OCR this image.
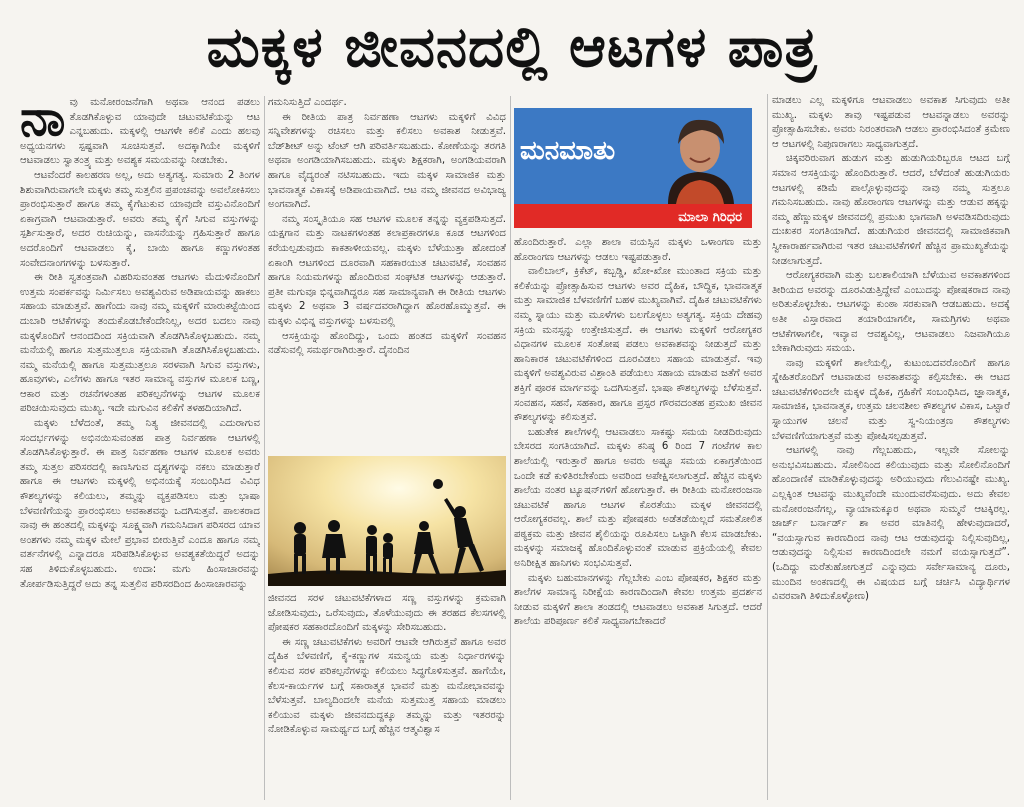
ಮಕ್ಕಳ ಜೀವನದಲ್ಲಿ ಆಟಗಳ ಪಾತ್ರ
ನಾ ವು ಮನೋರಂಜನೆಗಾಗಿ ಅಥವಾ ಆನಂದ ಪಡಲು ತೊಡಗಿಕೊಳ್ಳುವ ಯಾವುದೇ ಚಟುವಟಿಕೆಯನ್ನು ಆಟ ಎನ್ನಬಹುದು. ಮಕ್ಕಳಲ್ಲಿ ಆಟಗಳೇ ಕಲಿಕೆ ಎಂದು ಹಲವು ಅಧ್ಯಯನಗಳು ಸ್ಪಷ್ಟವಾಗಿ ಸೂಚಿಸುತ್ತವೆ. ಅದಕ್ಕಾಗಿಯೇ ಮಕ್ಕಳಿಗೆ ಆಟವಾಡಲು ಸ್ವಾತಂತ್ರ್ಯ ಮತ್ತು ಅವಶ್ಯಕ ಸಮಯವನ್ನು ನೀಡಬೇಕು.

ಆಟವೆಂದರೆ ಕಾಲಹರಣ ಅಲ್ಲ, ಅದು ಅತ್ಯಗತ್ಯ. ಸುಮಾರು 2 ತಿಂಗಳ ಶಿಶುವಾಗಿರುವಾಗಲೇ ಮಕ್ಕಳು ತಮ್ಮ ಸುತ್ತಲಿನ ಪ್ರಪಂಚವನ್ನು ಅವಲೋಕಿಸಲು ಪ್ರಾರಂಭಿಸುತ್ತಾರೆ ಹಾಗೂ ತಮ್ಮ ಕೈಗೆಟುಕುವ ಯಾವುದೇ ವಸ್ತುವಿನೊಂದಿಗೆ ಏಕಾಗ್ರವಾಗಿ ಆಟವಾಡುತ್ತಾರೆ. ಅವರು ತಮ್ಮ ಕೈಗೆ ಸಿಗುವ ವಸ್ತುಗಳನ್ನು ಸ್ಪರ್ಶಿಸುತ್ತಾರೆ, ಅದರ ರುಚಿಯನ್ನು, ವಾಸನೆಯನ್ನು ಗ್ರಹಿಸುತ್ತಾರೆ ಹಾಗೂ ಅದರೊಂದಿಗೆ ಆಟವಾಡಲು ಕೈ, ಬಾಯಿ ಹಾಗೂ ಕಣ್ಣುಗಳಂತಹ ಸಂವೇದನಾಂಗಗಳನ್ನು ಬಳಸುತ್ತಾರೆ.

ಈ ರೀತಿ ಸ್ವತಂತ್ರವಾಗಿ ವಿಹರಿಸುವಂತಹ ಆಟಗಳು ಮೆದುಳಿನೊಂದಿಗೆ ಉತ್ತಮ ಸಂಪರ್ಕವನ್ನು ನಿರ್ಮಿಸಲು ಅವಶ್ಯವಿರುವ ಅಡಿಪಾಯವನ್ನು ಹಾಕಲು ಸಹಾಯ ಮಾಡುತ್ತವೆ. ಹಾಗೆಂದು ನಾವು ನಮ್ಮ ಮಕ್ಕಳಿಗೆ ಮಾರುಕಟ್ಟೆಯಿಂದ ದುಬಾರಿ ಆಟಿಕೆಗಳನ್ನು ತಂದುಕೊಡಬೇಕೆಂದೇನಿಲ್ಲ, ಅದರ ಬದಲು ನಾವು ಮಕ್ಕಳೊಂದಿಗೆ ಆನಂದದಿಂದ ಸಕ್ರಿಯವಾಗಿ ತೊಡಗಿಸಿಕೊಳ್ಳಬಹುದು. ನಮ್ಮ ಮನೆಯಲ್ಲಿ ಹಾಗೂ ಸುತ್ತಮುತ್ತಲೂ ಸಕ್ರಿಯವಾಗಿ ತೊಡಗಿಸಿಕೊಳ್ಳಬಹುದು. ನಮ್ಮ ಮನೆಯಲ್ಲಿ ಹಾಗೂ ಸುತ್ತಮುತ್ತಲೂ ಸರಳವಾಗಿ ಸಿಗುವ ವಸ್ತುಗಳು, ಹೂವುಗಳು, ಎಲೆಗಳು ಹಾಗೂ ಇತರ ಸಾಮಾನ್ಯ ವಸ್ತುಗಳ ಮೂಲಕ ಬಣ್ಣ, ಆಕಾರ ಮತ್ತು ರಚನೆಗಳಂತಹ ಪರಿಕಲ್ಪನೆಗಳನ್ನು ಆಟಗಳ ಮೂಲಕ ಪರಿಚಯಿಸುವುದು ಮುಖ್ಯ. ಇದೇ ಮಗುವಿನ ಕಲಿಕೆಗೆ ತಳಹದಿಯಾಗಿದೆ.

ಮಕ್ಕಳು ಬೆಳೆದಂತೆ, ತಮ್ಮ ನಿತ್ಯ ಜೀವನದಲ್ಲಿ ಎದುರಾಗುವ ಸಂದರ್ಭಗಳನ್ನು ಅಭಿನಯಿಸುವಂತಹ ಪಾತ್ರ ನಿರ್ವಹಣಾ ಆಟಗಳಲ್ಲಿ ತೊಡಗಿಸಿಕೊಳ್ಳುತ್ತಾರೆ. ಈ ಪಾತ್ರ ನಿರ್ವಹಣಾ ಆಟಗಳ ಮೂಲಕ ಅವರು ತಮ್ಮ ಸುತ್ತಲ ಪರಿಸರದಲ್ಲಿ ಕಾಣಸಿಗುವ ದೃಶ್ಯಗಳನ್ನು ನಕಲು ಮಾಡುತ್ತಾರೆ ಹಾಗೂ ಈ ಆಟಗಳು ಮಕ್ಕಳಲ್ಲಿ ಅಭಿನಯಕ್ಕೆ ಸಂಬಂಧಿಸಿದ ವಿವಿಧ ಕೌಶಲ್ಯಗಳನ್ನು ಕಲಿಯಲು, ತಮ್ಮನ್ನು ವ್ಯಕ್ತಪಡಿಸಲು ಮತ್ತು ಭಾಷಾ ಬೆಳವಣಿಗೆಯನ್ನು ಪ್ರಾರಂಭಿಸಲು ಅವಕಾಶವನ್ನು ಒದಗಿಸುತ್ತವೆ. ಪಾಲಕರಾದ ನಾವು ಈ ಹಂತದಲ್ಲಿ ಮಕ್ಕಳನ್ನು ಸೂಕ್ಷ್ಮವಾಗಿ ಗಮನಿಸಿದಾಗ ಪರಿಸರದ ಯಾವ ಅಂಶಗಳು ನಮ್ಮ ಮಕ್ಕಳ ಮೇಲೆ ಪ್ರಭಾವ ಬೀರುತ್ತಿವೆ ಎಂದೂ ಹಾಗೂ ನಮ್ಮ ವರ್ತನೆಗಳಲ್ಲಿ ಎನ್ನಾದರೂ ಸರಿಪಡಿಸಿಕೊಳ್ಳುವ ಅವಶ್ಯಕತೆಯಿದ್ದರೆ ಅದನ್ನು ಸಹ ತಿಳಿದುಕೊಳ್ಳಬಹುದು. ಉದಾ: ಮಗು ಹಿಂಸಾಚಾರವನ್ನು ತೋರ್ಪಡಿಸುತ್ತಿದ್ದರೆ ಅದು ತನ್ನ ಸುತ್ತಲಿನ ಪರಿಸರದಿಂದ ಹಿಂಸಾಚಾರವನ್ನು

ಗಮನಿಸುತ್ತಿದೆ ಎಂದರ್ಥ.

ಈ ರೀತಿಯ ಪಾತ್ರ ನಿರ್ವಹಣಾ ಆಟಗಳು ಮಕ್ಕಳಿಗೆ ವಿವಿಧ ಸನ್ನಿವೇಶಗಳನ್ನು ರಚಿಸಲು ಮತ್ತು ಕಲಿಸಲು ಅವಕಾಶ ನೀಡುತ್ತವೆ. ಬೆಡ್‌ಶೀಟ್ ಅನ್ನು ಟೆಂಟ್ ಆಗಿ ಪರಿವರ್ತಿಸಬಹುದು. ಕೋಣೆಯನ್ನು ತರಗತಿ ಅಥವಾ ಅಂಗಡಿಯಾಗಿಸಬಹುದು. ಮಕ್ಕಳು ಶಿಕ್ಷಕರಾಗಿ, ಅಂಗಡಿಯವರಾಗಿ ಹಾಗೂ ವೈದ್ಯರಂತೆ ನಟಿಸಬಹುದು. ಇದು ಮಕ್ಕಳ ಸಾಮಾಜಿಕ ಮತ್ತು ಭಾವನಾತ್ಮಕ ವಿಕಾಸಕ್ಕೆ ಅಡಿಪಾಯವಾಗಿದೆ. ಆಟ ನಮ್ಮ ಜೀವನದ ಅವಿಭಾಜ್ಯ ಅಂಗವಾಗಿದೆ.

ನಮ್ಮ ಸಂಸ್ಕೃತಿಯೂ ಸಹ ಆಟಗಳ ಮೂಲಕ ತನ್ನನ್ನು ವ್ಯಕ್ತಪಡಿಸುತ್ತದೆ. ಯಕ್ಷಗಾನ ಮತ್ತು ನಾಟಕಗಳಂತಹ ಕಲಾಪ್ರಕಾರಗಳೂ ಕೂಡ ಆಟಗಳಿಂದ ಕರೆಯಲ್ಪಡುವುದು ಕಾಕತಾಳೀಯವಲ್ಲ. ಮಕ್ಕಳು ಬೆಳೆಯುತ್ತಾ ಹೋದಂತೆ ಏಕಾಂಗಿ ಆಟಗಳಿಂದ ದೂರವಾಗಿ ಸಹಕಾರಯುತ ಚಟುವಟಿಕೆ, ಸಂವಹನ ಹಾಗೂ ನಿಯಮಗಳನ್ನು ಹೊಂದಿರುವ ಸಂಘಟಿತ ಆಟಗಳನ್ನು ಆಡುತ್ತಾರೆ. ಪ್ರತೀ ಮಗುವೂ ಭಿನ್ನವಾಗಿದ್ದರೂ ಸಹ ಸಾಮಾನ್ಯವಾಗಿ ಈ ರೀತಿಯ ಆಟಗಳು ಮಕ್ಕಳು 2 ಅಥವಾ 3 ವರ್ಷದವರಾಗಿದ್ದಾಗ ಹೊರಹೊಮ್ಮುತ್ತವೆ. ಈ ಮಕ್ಕಳು ವಿಭಿನ್ನ ವಸ್ತುಗಳನ್ನು ಬಳಸುವಲ್ಲಿ

ಆಸಕ್ತಿಯನ್ನು ಹೊಂದಿದ್ದು, ಒಂದು ಹಂತದ ಮಕ್ಕಳಿಗೆ ಸಂವಹನ ನಡೆಸುವಲ್ಲಿ ಸಮರ್ಥರಾಗಿರುತ್ತಾರೆ. ದೈನಂದಿನ

ಜೀವನದ ಸರಳ ಚಟುವಟಿಕೆಗಳಾದ ಸಣ್ಣ ವಸ್ತುಗಳನ್ನು ಕ್ರಮವಾಗಿ ಜೋಡಿಸುವುದು, ಒರೆಸುವುದು, ತೊಳೆಯುವುದು ಈ ತರಹದ ಕೆಲಸಗಳಲ್ಲಿ ಪೋಷಕರ ಸಹಕಾರದೊಂದಿಗೆ ಮಕ್ಕಳನ್ನು ಸೇರಿಸಬಹುದು.

ಈ ಸಣ್ಣ ಚಟುವಟಿಕೆಗಳು ಅವರಿಗೆ ಆಟವೇ ಆಗಿರುತ್ತವೆ ಹಾಗೂ ಅವರ ದೈಹಿಕ ಬೆಳವಣಿಗೆ, ಕೈ-ಕಣ್ಣುಗಳ ಸಮನ್ವಯ ಮತ್ತು ನಿರ್ಧಾರಗಳನ್ನು ಕಲಿಸುವ ಸರಳ ಪರಿಕಲ್ಪನೆಗಳನ್ನು ಕಲಿಯಲು ಸಿದ್ಧಗೊಳಿಸುತ್ತವೆ. ಹಾಗೆಯೇ, ಕೆಲಸ-ಕಾರ್ಯಗಳ ಬಗ್ಗೆ ಸಕಾರಾತ್ಮಕ ಭಾವನೆ ಮತ್ತು ಮನೋಭಾವವನ್ನು ಬೆಳೆಸುತ್ತವೆ. ಬಾಲ್ಯದಿಂದಲೇ ಮನೆಯ ಸುತ್ತಮುತ್ತ ಸಹಾಯ ಮಾಡಲು ಕಲಿಯುವ ಮಕ್ಕಳು ಜೀವನದುದ್ದಕ್ಕೂ ತಮ್ಮನ್ನು ಮತ್ತು ಇತರರನ್ನು ನೋಡಿಕೊಳ್ಳುವ ಸಾಮರ್ಥ್ಯದ ಬಗ್ಗೆ ಹೆಚ್ಚಿನ ಆತ್ಮವಿಶ್ವಾಸ

ಮನಮಾತು
ಮಾಲಾ ಗಿರಿಧರ

ಹೊಂದಿರುತ್ತಾರೆ. ಎಲ್ಲಾ ಶಾಲಾ ವಯಸ್ಸಿನ ಮಕ್ಕಳು ಒಳಾಂಗಣ ಮತ್ತು ಹೊರಾಂಗಣ ಆಟಗಳನ್ನು ಆಡಲು ಇಷ್ಟಪಡುತ್ತಾರೆ.

ವಾಲಿಬಾಲ್, ಕ್ರಿಕೆಟ್, ಕಬ್ಬಡ್ಡಿ, ಖೋ-ಖೋ ಮುಂತಾದ ಸಕ್ರಿಯ ಮತ್ತು ಕಲಿಕೆಯನ್ನು ಪ್ರೋತ್ಸಾಹಿಸುವ ಆಟಗಳು ಅವರ ದೈಹಿಕ, ಬೌದ್ಧಿಕ, ಭಾವನಾತ್ಮಕ ಮತ್ತು ಸಾಮಾಜಿಕ ಬೆಳವಣಿಗೆಗೆ ಬಹಳ ಮುಖ್ಯವಾಗಿವೆ. ದೈಹಿಕ ಚಟುವಟಿಕೆಗಳು ನಮ್ಮ ಸ್ನಾಯು ಮತ್ತು ಮೂಳೆಗಳು ಬಲಗೊಳ್ಳಲು ಅತ್ಯಗತ್ಯ. ಸಕ್ರಿಯ ದೇಹವು ಸಕ್ರಿಯ ಮನಸ್ಸನ್ನು ಉತ್ತೇಜಿಸುತ್ತದೆ. ಈ ಆಟಗಳು ಮಕ್ಕಳಿಗೆ ಆರೋಗ್ಯಕರ ವಿಧಾನಗಳ ಮೂಲಕ ಸಂತೋಷ ಪಡಲು ಅವಕಾಶವನ್ನು ನೀಡುತ್ತದೆ ಮತ್ತು ಹಾನಿಕಾರಕ ಚಟುವಟಿಕೆಗಳಿಂದ ದೂರವಿಡಲು ಸಹಾಯ ಮಾಡುತ್ತವೆ. ಇವು ಮಕ್ಕಳಿಗೆ ಅವಶ್ಯವಿರುವ ವಿಶ್ರಾಂತಿ ಪಡೆಯಲು ಸಹಾಯ ಮಾಡುವ ಜತೆಗೆ ಅವರ ಶಕ್ತಿಗೆ ಪೂರಕ ಮಾರ್ಗವನ್ನು ಒದಗಿಸುತ್ತವೆ. ಭಾಷಾ ಕೌಶಲ್ಯಗಳನ್ನು ಬೆಳೆಸುತ್ತವೆ. ಸಂವಹನ, ಸಹನೆ, ಸಹಕಾರ, ಹಾಗೂ ಪ್ರಸ್ಪರ ಗೌರವದಂತಹ ಪ್ರಮುಖ ಜೀವನ ಕೌಶಲ್ಯಗಳನ್ನು ಕಲಿಸುತ್ತವೆ.

ಬಹುತೇಕ ಶಾಲೆಗಳಲ್ಲಿ ಆಟವಾಡಲು ಸಾಕಷ್ಟು ಸಮಯ ನೀಡದಿರುವುದು ಬೇಸರದ ಸಂಗತಿಯಾಗಿದೆ. ಮಕ್ಕಳು ಕನಿಷ್ಠ 6 ರಿಂದ 7 ಗಂಟೆಗಳ ಕಾಲ ಶಾಲೆಯಲ್ಲಿ ಇರುತ್ತಾರೆ ಹಾಗೂ ಅವರು ಅಷ್ಟೂ ಸಮಯ ಏಕಾಗ್ರತೆಯಿಂದ ಒಂದೇ ಕಡೆ ಕುಳಿತಿರಬೇಕೆಂದು ಅವರಿಂದ ಅಪೇಕ್ಷಿಸಲಾಗುತ್ತದೆ. ಹೆಚ್ಚಿನ ಮಕ್ಕಳು ಶಾಲೆಯ ನಂತರ ಟ್ಯೂಷನ್‌ಗಳಿಗೆ ಹೋಗುತ್ತಾರೆ. ಈ ರೀತಿಯ ಮನೋರಂಜನಾ ಚಟುವಟಿಕೆ ಹಾಗೂ ಆಟಗಳ ಕೊರತೆಯು ಮಕ್ಕಳ ಜೀವನದಲ್ಲಿ ಆರೋಗ್ಯಕರವಲ್ಲ. ಶಾಲೆ ಮತ್ತು ಪೋಷಕರು ಅಡೆತಡೆಯಿಲ್ಲದೆ ಸಮತೋಲಿತ ಪಠ್ಯಕ್ರಮ ಮತ್ತು ಜೀವನ ಶೈಲಿಯನ್ನು ರೂಪಿಸಲು ಒಟ್ಟಾಗಿ ಕೆಲಸ ಮಾಡಬೇಕು. ಮಕ್ಕಳನ್ನು ಸಮಾಜಕ್ಕೆ ಹೊಂದಿಕೊಳ್ಳುವಂತೆ ಮಾಡುವ ಪ್ರಕ್ರಿಯೆಯಲ್ಲಿ ಕೇವಲ ಅನಿರೀಕ್ಷಿತ ಹಾನಿಗಳು ಸಂಭವಿಸುತ್ತವೆ.

ಮಕ್ಕಳು ಬಹುಮಾನಗಳನ್ನು ಗೆಲ್ಲಬೇಕು ಎಂಬ ಪೋಷಕರ, ಶಿಕ್ಷಕರ ಮತ್ತು ಶಾಲೆಗಳ ಸಾಮಾನ್ಯ ನಿರೀಕ್ಷೆಯ ಕಾರಣದಿಂದಾಗಿ ಕೇವಲ ಉತ್ತಮ ಪ್ರದರ್ಶನ ನೀಡುವ ಮಕ್ಕಳಿಗೆ ಶಾಲಾ ತಂಡದಲ್ಲಿ ಆಟವಾಡಲು ಅವಕಾಶ ಸಿಗುತ್ತದೆ. ಆದರೆ ಶಾಲೆಯ ಪರಿಪೂರ್ಣ ಕಲಿಕೆ ಸಾಧ್ಯವಾಗಬೇಕಾದರೆ

ಮಾಡಲು ಎಲ್ಲ ಮಕ್ಕಳಿಗೂ ಆಟವಾಡಲು ಅವಕಾಶ ಸಿಗುವುದು ಅತೀ ಮುಖ್ಯ. ಮಕ್ಕಳು ತಾವು ಇಷ್ಟಪಡುವ ಆಟವನ್ನಾಡಲು ಅವರನ್ನು ಪ್ರೋತ್ಸಾಹಿಸಬೇಕು. ಅವರು ನಿರಂತರವಾಗಿ ಆಡಲು ಪ್ರಾರಂಭಿಸಿದಂತೆ ಕ್ರಮೇಣ ಆ ಆಟಗಳಲ್ಲಿ ನಿಪುಣರಾಗಲು ಸಾಧ್ಯವಾಗುತ್ತದೆ.

ಚಿಕ್ಕವರಿರುವಾಗ ಹುಡುಗ ಮತ್ತು ಹುಡುಗಿಯರಿಬ್ಬರೂ ಆಟದ ಬಗ್ಗೆ ಸಮಾನ ಆಸಕ್ತಿಯನ್ನು ಹೊಂದಿರುತ್ತಾರೆ. ಆದರೆ, ಬೆಳೆದಂತೆ ಹುಡುಗಿಯರು ಆಟಗಳಲ್ಲಿ ಕಡಿಮೆ ಪಾಲ್ಗೊಳ್ಳುವುದನ್ನು ನಾವು ನಮ್ಮ ಸುತ್ತಲೂ ಗಮನಿಸಬಹುದು. ನಾವು ಹೊರಾಂಗಣ ಆಟಗಳನ್ನು ಮತ್ತು ಆಡುವ ಹಕ್ಕನ್ನು ನಮ್ಮ ಹೆಣ್ಣುಮಕ್ಕಳ ಜೀವನದಲ್ಲಿ ಪ್ರಮುಖ ಭಾಗವಾಗಿ ಅಳವಡಿಸದಿರುವುದು ದುಃಖಕರ ಸಂಗತಿಯಾಗಿದೆ. ಹುಡುಗಿಯರ ಜೀವನದಲ್ಲಿ ಸಾಮಾಜಿಕವಾಗಿ ಸ್ವೀಕಾರಾರ್ಹವಾಗಿರುವ ಇತರ ಚಟುವಟಿಕೆಗಳಿಗೆ ಹೆಚ್ಚಿನ ಪ್ರಾಮುಖ್ಯತೆಯನ್ನು ನೀಡಲಾಗುತ್ತದೆ.

ಆರೋಗ್ಯಕರವಾಗಿ ಮತ್ತು ಬಲಶಾಲಿಯಾಗಿ ಬೆಳೆಯುವ ಅವಕಾಶಗಳಿಂದ ತೀರಿಯದ ಅವರನ್ನು ದೂರವಿಡುತ್ತಿದ್ದೇವೆ ಎಂಬುದನ್ನು ಪೋಷಕರಾದ ನಾವು ಅರಿತುಕೊಳ್ಳಬೇಕು. ಆಟಗಳನ್ನು ಕುಂಠಾ ಸರಕುವಾಗಿ ಆಡಬಹುದು. ಅದಕ್ಕೆ ಅತೀ ವಿಸ್ತಾರವಾದ ತಯಾರಿಯಾಗಲೀ, ಸಾಮಗ್ರಿಗಳು ಅಥವಾ ಆಟಿಕೆಗಳಾಗಲೀ, ಇವ್ಯಾವ ಆವಶ್ಯವಿಲ್ಲ, ಆಟವಾಡಲು ನಿಜವಾಗಿಯೂ ಬೇಕಾಗಿರುವುದು ಸಮಯ.

ನಾವು ಮಕ್ಕಳಿಗೆ ಶಾಲೆಯಲ್ಲಿ, ಕುಟುಂಬದವರೊಂದಿಗೆ ಹಾಗೂ ಸ್ನೇಹಿತರೊಂದಿಗೆ ಆಟವಾಡುವ ಅವಕಾಶವನ್ನು ಕಲ್ಪಿಸಬೇಕು. ಈ ಆಟದ ಚಟುವಟಿಕೆಗಳಿಂದಲೇ ಮಕ್ಕಳ ದೈಹಿಕ, ಗ್ರಹಿಕೆಗೆ ಸಂಬಂಧಿಸಿದ, ಜ್ಞಾನಾತ್ಮಕ, ಸಾಮಾಜಿಕ, ಭಾವನಾತ್ಮಕ, ಉತ್ತಮ ಚಲನಶೀಲ ಕೌಶಲ್ಯಗಳ ವಿಕಾಸ, ಒಟ್ಟಾರೆ ಸ್ನಾಯುಗಳ ಚಲನೆ ಮತ್ತು ಸ್ವ-ನಿಯಂತ್ರಣ ಕೌಶಲ್ಯಗಳು ಬೆಳವಣಿಗೆಯಾಗುತ್ತವೆ ಮತ್ತು ಪೋಷಿಸಲ್ಪಡುತ್ತವೆ.

ಆಟಗಳಲ್ಲಿ ನಾವು ಗೆಲ್ಲಬಹುದು, ಇಲ್ಲವೇ ಸೋಲನ್ನು ಅನುಭವಿಸಬಹುದು. ಸೋಲಿನಿಂದ ಕಲಿಯುವುದು ಮತ್ತು ಸೋಲಿನೊಂದಿಗೆ ಹೊಂದಾಣಿಕೆ ಮಾಡಿಕೊಳ್ಳುವುದನ್ನು ಅರಿಯುವುದು ಗೆಲುವಿನಷ್ಟೇ ಮುಖ್ಯ. ಎಲ್ಲಕ್ಕಿಂತ ಆಟವನ್ನು ಮುಖ್ಯವೆಂದೇ ಮುಂದುವರೆಸುವುದು. ಅದು ಕೇವಲ ಮನೋರಂಜನೆಗಲ್ಲ, ವ್ಯಾಯಾಮಕ್ಕೂರ ಅಥವಾ ಸುಮ್ಮನೆ ಆಟಕ್ಕಿರಲ್ಲ. ಜಾರ್ಜ್ ಬರ್ನಾರ್ಡ್ ಶಾ ಅವರ ಮಾತಿನಲ್ಲಿ ಹೇಳುವುದಾದರೆ, “ವಯಸ್ಸಾಗುವ ಕಾರಣದಿಂದ ನಾವು ಆಟ ಆಡುವುದನ್ನು ನಿಲ್ಲಿಸುವುದಿಲ್ಲ, ಆಡುವುದನ್ನು ನಿಲ್ಲಿಸುವ ಕಾರಣದಿಂದಲೇ ನಮಗೆ ವಯಸ್ಸಾಗುತ್ತದೆ”. (ಒದಿದ್ದು ಮರೆತುಹೋಗುತ್ತದೆ ಎನ್ನುವುದು ಸರ್ವೇಸಾಮಾನ್ಯ ದೂರು, ಮುಂದಿನ ಅಂಕಣದಲ್ಲಿ ಈ ವಿಷಯದ ಬಗ್ಗೆ ಚರ್ಚಿಸಿ ವಿದ್ಯಾರ್ಥಿಗಳ ವಿವರವಾಗಿ ತಿಳಿದುಕೊಳ್ಳೋಣ)
